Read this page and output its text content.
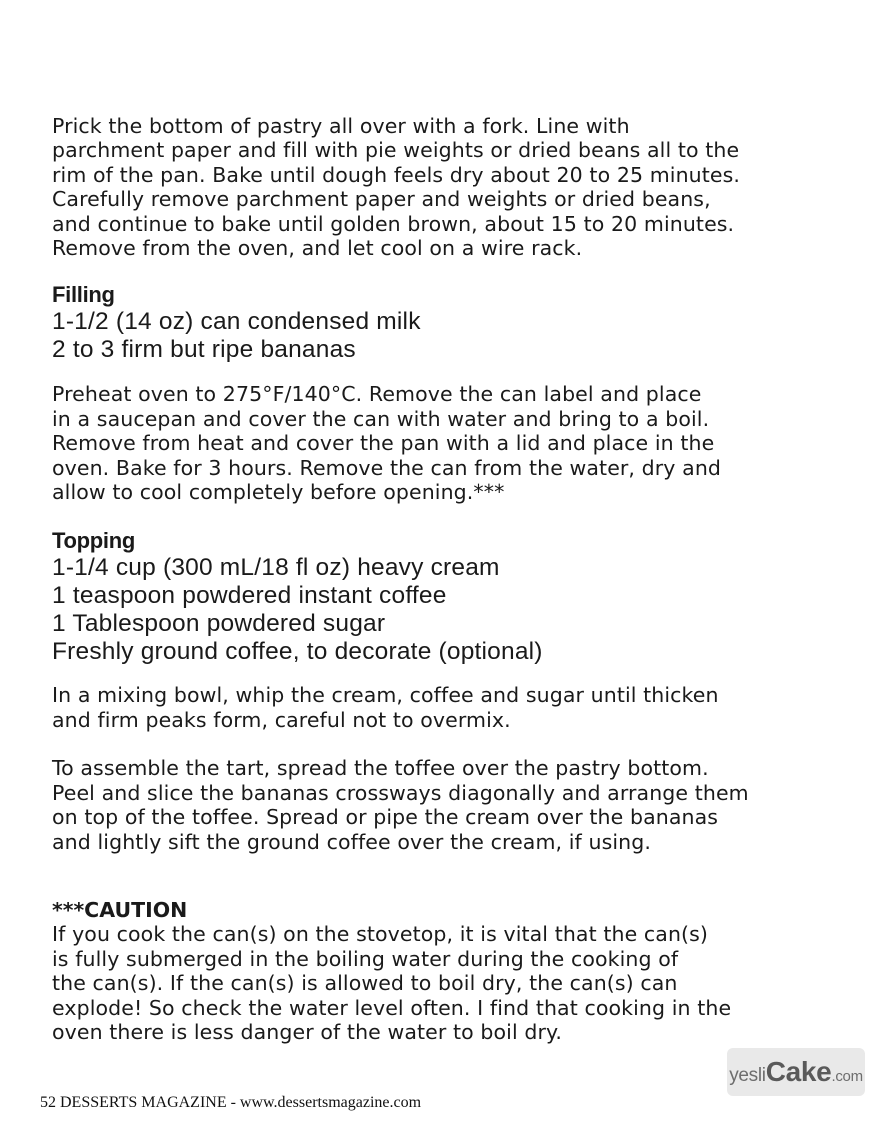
Prick the bottom of pastry all over with a fork. Line with
parchment paper and fill with pie weights or dried beans all to the
rim of the pan. Bake until dough feels dry about 20 to 25 minutes.
Carefully remove parchment paper and weights or dried beans,
and continue to bake until golden brown, about 15 to 20 minutes.
Remove from the oven, and let cool on a wire rack.

Filling
1-1/2 (14 oz) can condensed milk
2 to 3 firm but ripe bananas

Preheat oven to 275°F/140°C. Remove the can label and place
in a saucepan and cover the can with water and bring to a boil.
Remove from heat and cover the pan with a lid and place in the
oven. Bake for 3 hours. Remove the can from the water, dry and
allow to cool completely before opening.***

Topping
1-1/4 cup (300 mL/18 fl oz) heavy cream
1 teaspoon powdered instant coffee
1 Tablespoon powdered sugar
Freshly ground coffee, to decorate (optional)

In a mixing bowl, whip the cream, coffee and sugar until thicken
and firm peaks form, careful not to overmix.

To assemble the tart, spread the toffee over the pastry bottom.
Peel and slice the bananas crossways diagonally and arrange them
on top of the toffee. Spread or pipe the cream over the bananas
and lightly sift the ground coffee over the cream, if using.

***CAUTION

If you cook the can(s) on the stovetop, it is vital that the can(s)
is fully submerged in the boiling water during the cooking of
the can(s). If the can(s) is allowed to boil dry, the can(s) can
explode! So check the water level often. I find that cooking in the
oven there is less danger of the water to boil dry.

52 DESSERTS MAGAZINE - www.dessertsmagazine.com
yesliCake.com
